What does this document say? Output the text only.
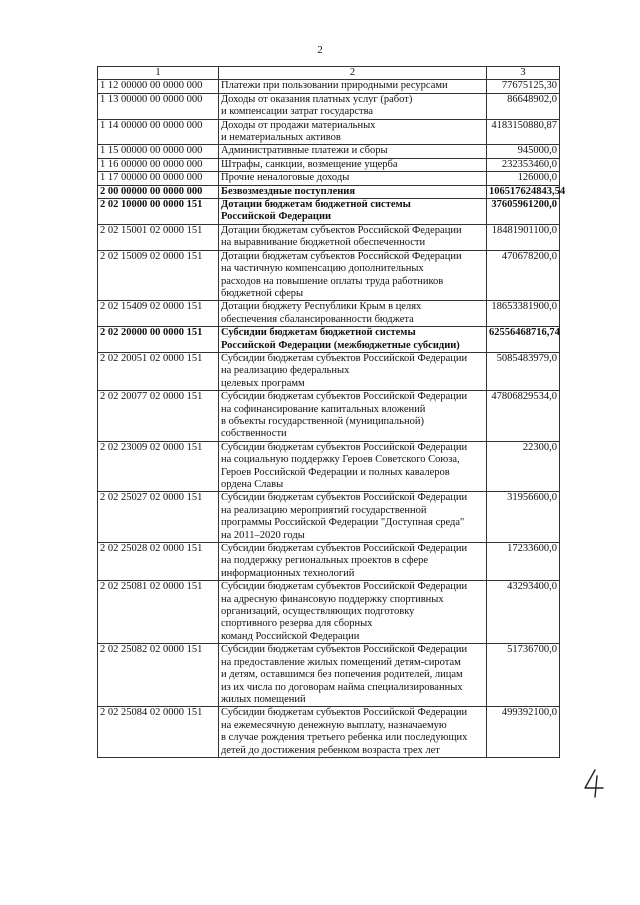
2
1	2	3
1 12 00000 00 0000 000	Платежи при пользовании природными ресурсами	77675125,30
1 13 00000 00 0000 000	Доходы от оказания платных услуг (работ)
и компенсации затрат государства	86648902,0
1 14 00000 00 0000 000	Доходы от продажи материальных
и нематериальных активов	4183150880,87
1 15 00000 00 0000 000	Административные платежи и сборы	945000,0
1 16 00000 00 0000 000	Штрафы, санкции, возмещение ущерба	232353460,0
1 17 00000 00 0000 000	Прочие неналоговые доходы	126000,0
2 00 00000 00 0000 000	Безвозмездные поступления	106517624843,54
2 02 10000 00 0000 151	Дотации бюджетам бюджетной системы
Российской Федерации	37605961200,0
2 02 15001 02 0000 151	Дотации бюджетам субъектов Российской Федерации
на выравнивание бюджетной обеспеченности	18481901100,0
2 02 15009 02 0000 151	Дотации бюджетам субъектов Российской Федерации
на частичную компенсацию дополнительных
расходов на повышение оплаты труда работников
бюджетной сферы	470678200,0
2 02 15409 02 0000 151	Дотации бюджету Республики Крым в целях
обеспечения сбалансированности бюджета	18653381900,0
2 02 20000 00 0000 151	Субсидии бюджетам бюджетной системы
Российской Федерации (межбюджетные субсидии)	62556468716,74
2 02 20051 02 0000 151	Субсидии бюджетам субъектов Российской Федерации
на реализацию федеральных
целевых программ	5085483979,0
2 02 20077 02 0000 151	Субсидии бюджетам субъектов Российской Федерации
на софинансирование капитальных вложений
в объекты государственной (муниципальной)
собственности	47806829534,0
2 02 23009 02 0000 151	Субсидии бюджетам субъектов Российской Федерации
на социальную поддержку Героев Советского Союза,
Героев Российской Федерации и полных кавалеров
ордена Славы	22300,0
2 02 25027 02 0000 151	Субсидии бюджетам субъектов Российской Федерации
на реализацию мероприятий государственной
программы Российской Федерации "Доступная среда"
на 2011–2020 годы	31956600,0
2 02 25028 02 0000 151	Субсидии бюджетам субъектов Российской Федерации
на поддержку региональных проектов в сфере
информационных технологий	17233600,0
2 02 25081 02 0000 151	Субсидии бюджетам субъектов Российской Федерации
на адресную финансовую поддержку спортивных
организаций, осуществляющих подготовку
спортивного резерва для сборных
команд Российской Федерации	43293400,0
2 02 25082 02 0000 151	Субсидии бюджетам субъектов Российской Федерации
на предоставление жилых помещений детям-сиротам
и детям, оставшимся без попечения родителей, лицам
из их числа по договорам найма специализированных
жилых помещений	51736700,0
2 02 25084 02 0000 151	Субсидии бюджетам субъектов Российской Федерации
на ежемесячную денежную выплату, назначаемую
в случае рождения третьего ребенка или последующих
детей до достижения ребенком возраста трех лет	499392100,0
